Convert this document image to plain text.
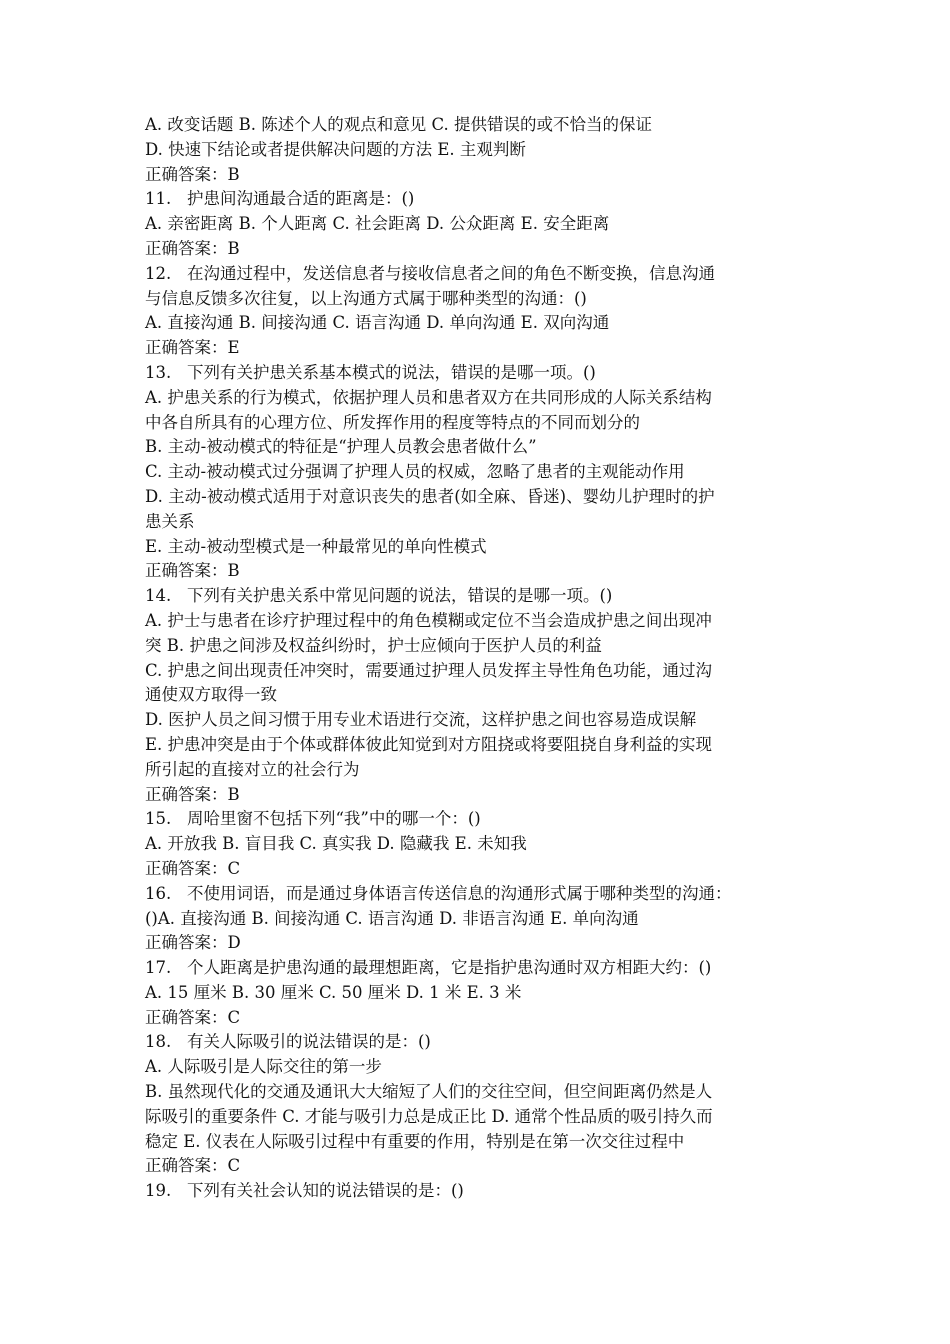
A. 改变话题 B. 陈述个人的观点和意见 C. 提供错误的或不恰当的保证
D. 快速下结论或者提供解决问题的方法 E. 主观判断
正确答案：B
11.   护患间沟通最合适的距离是：()
A. 亲密距离 B. 个人距离 C. 社会距离 D. 公众距离 E. 安全距离
正确答案：B
12.   在沟通过程中，发送信息者与接收信息者之间的角色不断变换，信息沟通
与信息反馈多次往复，以上沟通方式属于哪种类型的沟通：()
A. 直接沟通 B. 间接沟通 C. 语言沟通 D. 单向沟通 E. 双向沟通
正确答案：E
13.   下列有关护患关系基本模式的说法，错误的是哪一项。()
A. 护患关系的行为模式，依据护理人员和患者双方在共同形成的人际关系结构
中各自所具有的心理方位、所发挥作用的程度等特点的不同而划分的
B. 主动-被动模式的特征是“护理人员教会患者做什么”
C. 主动-被动模式过分强调了护理人员的权威，忽略了患者的主观能动作用
D. 主动-被动模式适用于对意识丧失的患者(如全麻、昏迷)、婴幼儿护理时的护
患关系
E. 主动-被动型模式是一种最常见的单向性模式
正确答案：B
14.   下列有关护患关系中常见问题的说法，错误的是哪一项。()
A. 护士与患者在诊疗护理过程中的角色模糊或定位不当会造成护患之间出现冲
突 B. 护患之间涉及权益纠纷时，护士应倾向于医护人员的利益
C. 护患之间出现责任冲突时，需要通过护理人员发挥主导性角色功能，通过沟
通使双方取得一致
D. 医护人员之间习惯于用专业术语进行交流，这样护患之间也容易造成误解
E. 护患冲突是由于个体或群体彼此知觉到对方阻挠或将要阻挠自身利益的实现
所引起的直接对立的社会行为
正确答案：B
15.   周哈里窗不包括下列“我”中的哪一个：()
A. 开放我 B. 盲目我 C. 真实我 D. 隐藏我 E. 未知我
正确答案：C
16.   不使用词语，而是通过身体语言传送信息的沟通形式属于哪种类型的沟通：
()A. 直接沟通 B. 间接沟通 C. 语言沟通 D. 非语言沟通 E. 单向沟通
正确答案：D
17.   个人距离是护患沟通的最理想距离，它是指护患沟通时双方相距大约：()
A. 15 厘米 B. 30 厘米 C. 50 厘米 D. 1 米 E. 3 米
正确答案：C
18.   有关人际吸引的说法错误的是：()
A. 人际吸引是人际交往的第一步
B. 虽然现代化的交通及通讯大大缩短了人们的交往空间，但空间距离仍然是人
际吸引的重要条件 C. 才能与吸引力总是成正比 D. 通常个性品质的吸引持久而
稳定 E. 仪表在人际吸引过程中有重要的作用，特别是在第一次交往过程中
正确答案：C
19.   下列有关社会认知的说法错误的是：()
